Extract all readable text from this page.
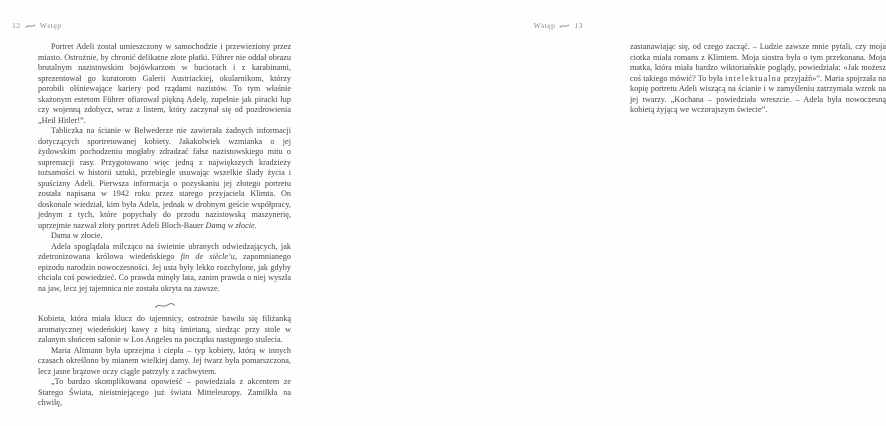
12 Wstęp

Portret Adeli został umieszczony w samochodzie i przewieziony przez miasto. Ostrożnie, by chronić delikatne złote płatki. Führer nie oddał obrazu brutalnym nazistowskim bojówkarzom w buciorach i z karabinami, sprezentował go kuratorom Galerii Austriackiej, okularnikom, którzy porobili olśniewające kariery pod rządami nazistów. To tym właśnie skażonym estetom Führer ofiarował piękną Adelę, zupełnie jak piracki łup czy wojenną zdobycz, wraz z listem, który zaczynał się od pozdrowienia „Heil Hitler!”.

Tabliczka na ścianie w Belwederze nie zawierała żadnych informacji dotyczących sportretowanej kobiety. Jakakolwiek wzmianka o jej żydowskim pochodzeniu mogłaby zdradzać fałsz nazistowskiego mitu o supremacji rasy. Przygotowano więc jedną z największych kradzieży tożsamości w historii sztuki, przebiegle usuwając wszelkie ślady życia i spuścizny Adeli. Pierwsza informacja o pozyskaniu jej złotego portretu została napisana w 1942 roku przez starego przyjaciela Klimta. On doskonale wiedział, kim była Adela, jednak w drobnym geście współpracy, jednym z tych, które popychały do przodu nazistowską maszynerię, uprzejmie nazwał złoty portret Adeli Bloch-Bauer Damą w złocie.

Dama w złocie.

Adela spoglądała milcząco na świetnie ubranych odwiedzających, jak zdetronizowana królowa wiedeńskiego fin de siècle’u, zapomnianego epizodu narodzin nowoczesności. Jej usta były lekko rozchylone, jak gdyby chciała coś powiedzieć. Co prawda minęły lata, zanim prawda o niej wyszła na jaw, lecz jej tajemnica nie została ukryta na zawsze.

Kobieta, która miała klucz do tajemnicy, ostrożnie bawiła się filiżanką aromatycznej wiedeńskiej kawy z bitą śmietaną, siedząc przy stole w zalanym słońcem salonie w Los Angeles na początku następnego stulecia.

Maria Altmann była uprzejma i ciepła – typ kobiety, którą w innych czasach określono by mianem wielkiej damy. Jej twarz była pomarszczona, lecz jasne brązowe oczy ciągle patrzyły z zachwytem.

„To bardzo skomplikowana opowieść – powiedziała z akcentem ze Starego Świata, nieistniejącego już świata Mitteleuropy. Zamilkła na chwilę,

Wstęp 13

zastanawiając się, od czego zacząć. – Ludzie zawsze mnie pytali, czy moja ciotka miała romans z Klimtem. Moja siostra była o tym przekonana. Moja matka, która miała bardzo wiktoriańskie poglądy, powiedziała: «Jak możesz coś takiego mówić? To była intelektualna przyjaźń»”. Maria spojrzała na kopię portretu Adeli wiszącą na ścianie i w zamyśleniu zatrzymała wzrok na jej twarzy. „Kochana – powiedziała wreszcie. – Adela była nowoczesną kobietą żyjącą we wczorajszym świecie”.
